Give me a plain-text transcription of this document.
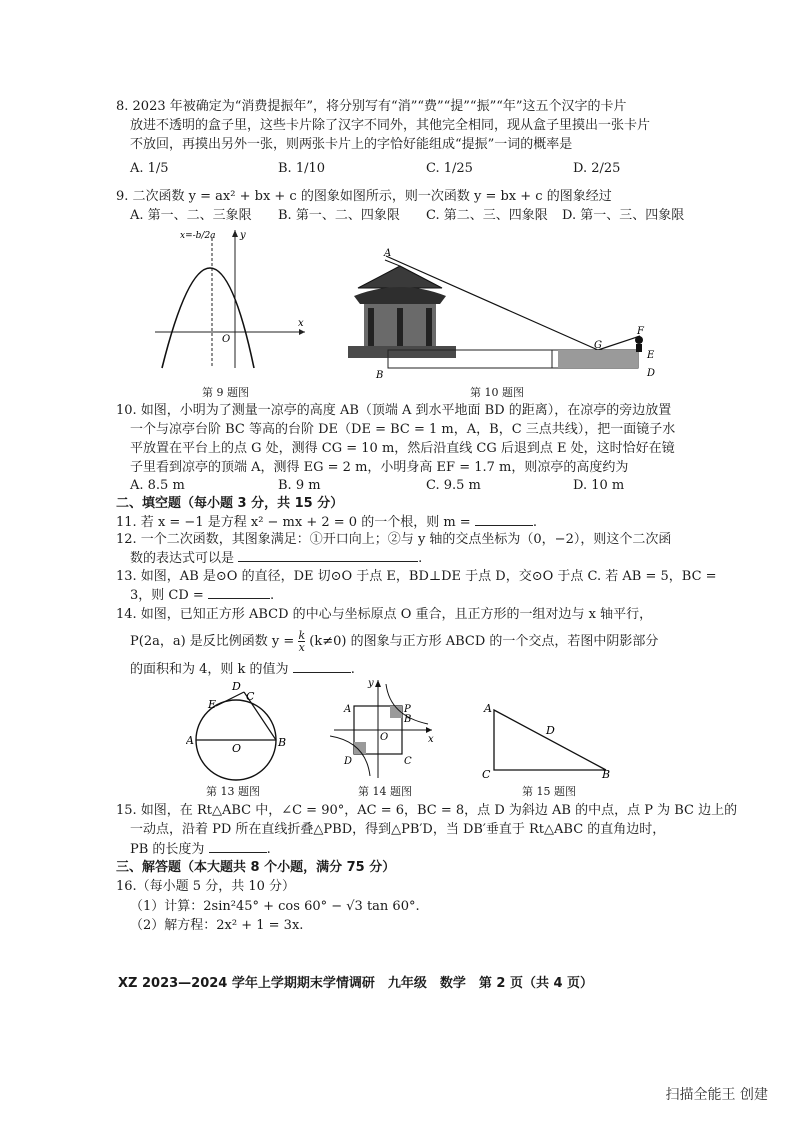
8. 2023 年被确定为“消费提振年”，将分别写有“消”“费”“提”“振”“年”这五个汉字的卡片
放进不透明的盒子里，这些卡片除了汉字不同外，其他完全相同，现从盒子里摸出一张卡片
不放回，再摸出另外一张，则两张卡片上的字恰好能组成“提振”一词的概率是
A. 1/5	B. 1/10	C. 1/25	D. 2/25
9. 二次函数 y = ax² + bx + c 的图象如图所示，则一次函数 y = bx + c 的图象经过
A. 第一、二、三象限 B. 第一、二、四象限 C. 第二、三、四象限 D. 第一、三、四象限
x
y
O
x=-b/2a
第 9 题图
A
B
G
F
E
D
第 10 题图
10. 如图，小明为了测量一凉亭的高度 AB（顶端 A 到水平地面 BD 的距离），在凉亭的旁边放置
一个与凉亭台阶 BC 等高的台阶 DE（DE = BC = 1 m，A，B，C 三点共线），把一面镜子水
平放置在平台上的点 G 处，测得 CG = 10 m，然后沿直线 CG 后退到点 E 处，这时恰好在镜
子里看到凉亭的顶端 A，测得 EG = 2 m，小明身高 EF = 1.7 m，则凉亭的高度约为
A. 8.5 m	B. 9 m	C. 9.5 m	D. 10 m
二、填空题（每小题 3 分，共 15 分）
11. 若 x = −1 是方程 x² − mx + 2 = 0 的一个根，则 m =	.
12. 一个二次函数，其图象满足：①开口向上；②与 y 轴的交点坐标为（0，−2），则这个二次函
数的表达式可以是	.
13. 如图，AB 是⊙O 的直径，DE 切⊙O 于点 E，BD⊥DE 于点 D，交⊙O 于点 C. 若 AB = 5，BC =
3，则 CD =	.
14. 如图，已知正方形 ABCD 的中心与坐标原点 O 重合，且正方形的一组对边与 x 轴平行，
P(2a，a) 是反比例函数 $y = \frac{k}{x} (k\ne 0)$ 的图象与正方形 ABCD 的一个交点，若图中阴影部分
的面积和为 4，则 k 的值为	.
A	B
D
C
E
O
第 13 题图
A	P
B
D	C
O
y
x
第 14 题图
A
C	B
D
第 15 题图
15. 如图，在 Rt△ABC 中，∠C = 90°，AC = 6，BC = 8，点 D 为斜边 AB 的中点，点 P 为 BC 边上的
一动点，沿着 PD 所在直线折叠△PBD，得到△PB′D，当 DB′垂直于 Rt△ABC 的直角边时，
PB 的长度为	.
三、解答题（本大题共 8 个小题，满分 75 分）
16.（每小题 5 分，共 10 分）
（1）计算：2sin²45° + cos 60° − √3 tan 60°.
（2）解方程：2x² + 1 = 3x.
XZ 2023—2024 学年上学期期末学情调研　九年级　数学　第 2 页（共 4 页）
扫描全能王 创建
